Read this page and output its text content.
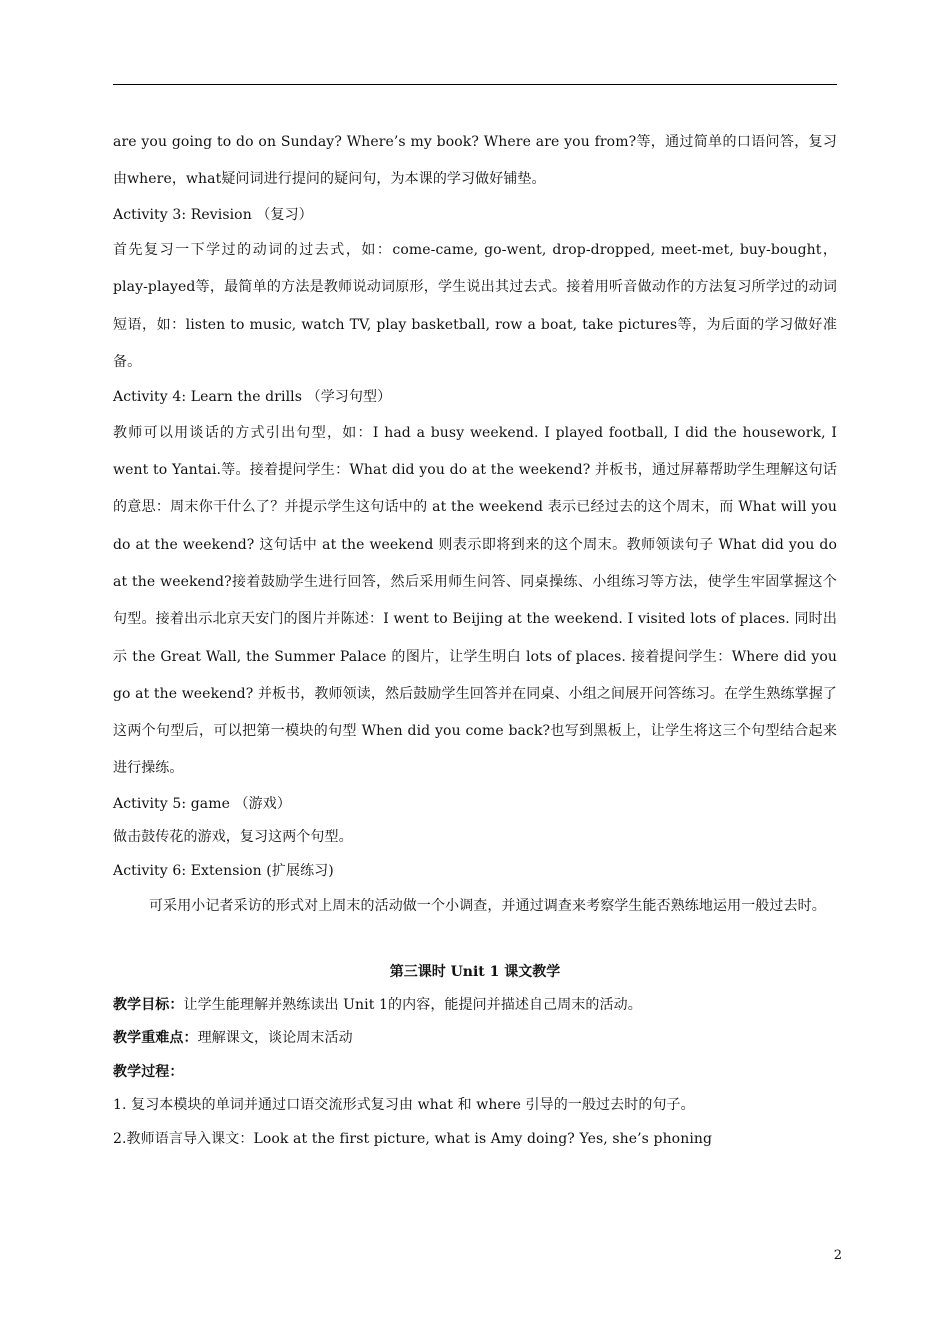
are you going to do on Sunday? Where’s my book? Where are you from?等，通过简单的口语问答，复习由where，what疑问词进行提问的疑问句，为本课的学习做好铺垫。
Activity 3: Revision （复习）
首先复习一下学过的动词的过去式，如：come-came, go-went, drop-dropped, meet-met, buy-bought，play-played等，最简单的方法是教师说动词原形，学生说出其过去式。接着用听音做动作的方法复习所学过的动词短语，如：listen to music, watch TV, play basketball, row a boat, take pictures等，为后面的学习做好准备。
Activity 4: Learn the drills （学习句型）
教师可以用谈话的方式引出句型，如：I had a busy weekend. I played football, I did the housework, I went to Yantai.等。接着提问学生：What did you do at the weekend? 并板书，通过屏幕帮助学生理解这句话的意思：周末你干什么了？并提示学生这句话中的 at the weekend 表示已经过去的这个周末，而 What will you do at the weekend? 这句话中 at the weekend 则表示即将到来的这个周末。教师领读句子 What did you do at the weekend?接着鼓励学生进行回答，然后采用师生问答、同桌操练、小组练习等方法，使学生牢固掌握这个句型。接着出示北京天安门的图片并陈述：I went to Beijing at the weekend. I visited lots of places. 同时出示 the Great Wall, the Summer Palace 的图片，让学生明白 lots of places. 接着提问学生：Where did you go at the weekend? 并板书，教师领读，然后鼓励学生回答并在同桌、小组之间展开问答练习。在学生熟练掌握了这两个句型后，可以把第一模块的句型 When did you come back?也写到黑板上，让学生将这三个句型结合起来进行操练。
Activity 5: game （游戏）
做击鼓传花的游戏，复习这两个句型。
Activity 6: Extension (扩展练习)
可采用小记者采访的形式对上周末的活动做一个小调查，并通过调查来考察学生能否熟练地运用一般过去时。
第三课时 Unit 1 课文教学
教学目标：让学生能理解并熟练读出 Unit 1的内容，能提问并描述自己周末的活动。
教学重难点：理解课文，谈论周末活动
教学过程：
1. 复习本模块的单词并通过口语交流形式复习由 what 和 where 引导的一般过去时的句子。
2.教师语言导入课文：Look at the first picture, what is Amy doing? Yes, she’s phoning
2
